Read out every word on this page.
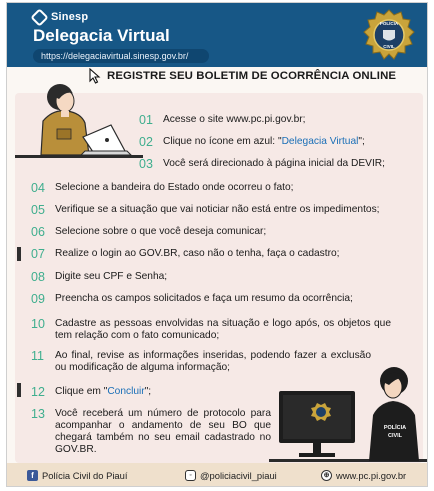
Sinesp
Delegacia Virtual
https://delegaciavirtual.sinesp.gov.br/
POLÍCIA
CIVIL
REGISTRE SEU BOLETIM DE OCORRÊNCIA ONLINE
01 Acesse o site www.pc.pi.gov.br;
02 Clique no ícone em azul: "Delegacia Virtual";
03 Você será direcionado à página inicial da DEVIR;
04 Selecione a bandeira do Estado onde ocorreu o fato;
05 Verifique se a situação que vai noticiar não está entre os impedimentos;
06 Selecione sobre o que você deseja comunicar;
07 Realize o login ao GOV.BR, caso não o tenha, faça o cadastro;
08 Digite seu CPF e Senha;
09 Preencha os campos solicitados e faça um resumo da ocorrência;
10 Cadastre as pessoas envolvidas na situação e logo após, os objetos que tem relação com o fato comunicado;
11 Ao final, revise as informações inseridas, podendo fazer a exclusão ou modificação de alguma informação;
12 Clique em "Concluir";
13 Você receberá um número de protocolo para acompanhar o andamento de seu BO que chegará também no seu email cadastrado no GOV.BR.
POLÍCIA
CIVIL
f Polícia Civil do Piauí	◦ @policiacivil_piaui	⊕ www.pc.pi.gov.br
